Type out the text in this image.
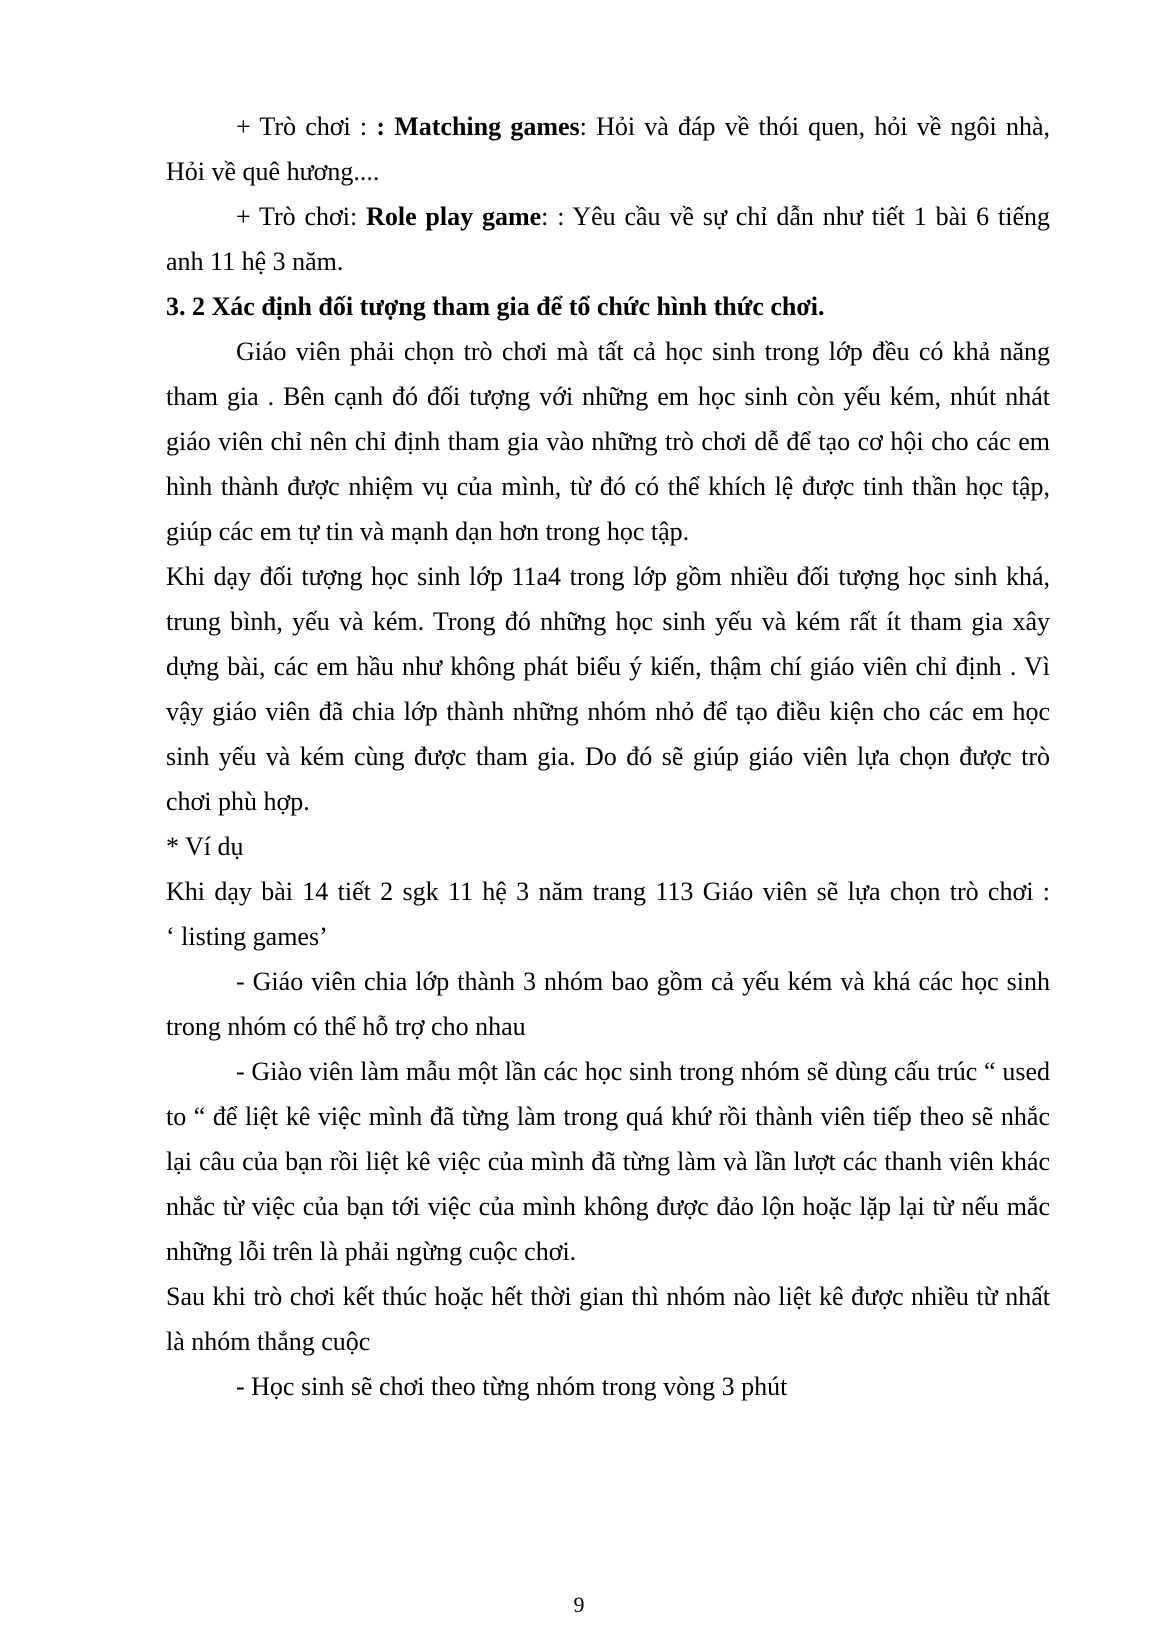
+ Trò chơi : : Matching games: Hỏi và đáp về thói quen, hỏi về ngôi nhà, Hỏi về quê hương....

+ Trò chơi: Role play game: : Yêu cầu về sự chỉ dẫn như tiết 1 bài 6 tiếng anh 11 hệ 3 năm.

3. 2 Xác định đối tượng tham gia để tổ chức hình thức chơi.

Giáo viên phải chọn trò chơi mà tất cả học sinh trong lớp đều có khả năng tham gia . Bên cạnh đó đối tượng với những em học sinh còn yếu kém, nhút nhát giáo viên chỉ nên chỉ định tham gia vào những trò chơi dễ để tạo cơ hội cho các em hình thành được nhiệm vụ của mình, từ đó có thể khích lệ được tinh thần học tập, giúp các em tự tin và mạnh dạn hơn trong học tập.

Khi dạy đối tượng học sinh lớp 11a4 trong lớp gồm nhiều đối tượng học sinh khá, trung bình, yếu và kém. Trong đó những học sinh yếu và kém rất ít tham gia xây dựng bài, các em hầu như không phát biểu ý kiến, thậm chí giáo viên chỉ định . Vì vậy giáo viên đã chia lớp thành những nhóm nhỏ để tạo điều kiện cho các em học sinh yếu và kém cùng được tham gia. Do đó sẽ giúp giáo viên lựa chọn được trò chơi phù hợp.

* Ví dụ

Khi dạy bài 14 tiết 2 sgk 11 hệ 3 năm trang 113 Giáo viên sẽ lựa chọn trò chơi :

‘ listing games’

- Giáo viên chia lớp thành 3 nhóm bao gồm cả yếu kém và khá các học sinh trong nhóm có thể hỗ trợ cho nhau

- Giào viên làm mẫu một lần các học sinh trong nhóm sẽ dùng cấu trúc “ used to “ để liệt kê việc mình đã từng làm trong quá khứ rồi thành viên tiếp theo sẽ nhắc lại câu của bạn rồi liệt kê việc của mình đã từng làm và lần lượt các thanh viên khác nhắc từ việc của bạn tới việc của mình không được đảo lộn hoặc lặp lại từ nếu mắc những lỗi trên là phải ngừng cuộc chơi.

Sau khi trò chơi kết thúc hoặc hết thời gian thì nhóm nào liệt kê được nhiều từ nhất là nhóm thắng cuộc

- Học sinh sẽ chơi theo từng nhóm trong vòng 3 phút

9
